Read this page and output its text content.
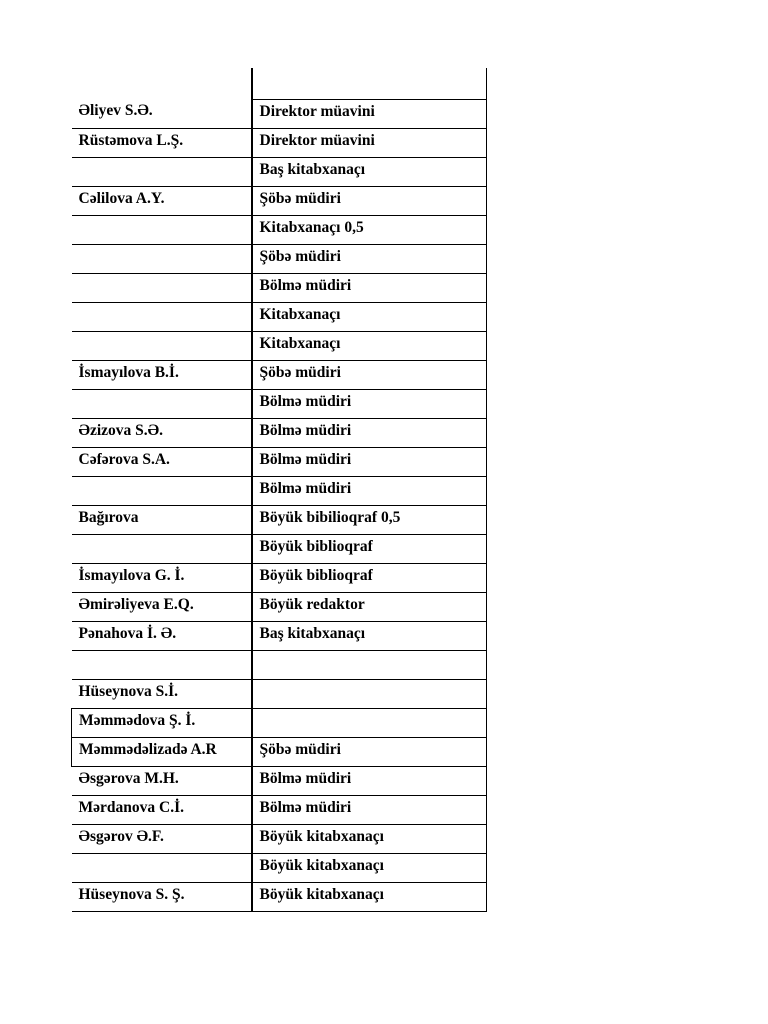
Əliyev S.Ə.	Direktor müavini
Rüstəmova L.Ş.	Direktor müavini
	Baş kitabxanaçı
Cəlilova A.Y.	Şöbə müdiri
	Kitabxanaçı 0,5
	Şöbə müdiri
	Bölmə müdiri
	Kitabxanaçı
	Kitabxanaçı
İsmayılova B.İ.	Şöbə müdiri
	Bölmə müdiri
Əzizova S.Ə.	Bölmə müdiri
Cəfərova S.A.	Bölmə müdiri
	Bölmə müdiri
Bağırova	Böyük bibilioqraf 0,5
	Böyük biblioqraf
İsmayılova G. İ.	Böyük biblioqraf
Əmirəliyeva E.Q.	Böyük redaktor
Pənahova İ. Ə.	Baş kitabxanaçı

Hüseynova S.İ.	
Məmmədova Ş. İ.	
Məmmədəlizadə A.R	Şöbə müdiri
Əsgərova M.H.	Bölmə müdiri
Mərdanova C.İ.	Bölmə müdiri
Əsgərov Ə.F.	Böyük kitabxanaçı
	Böyük kitabxanaçı
Hüseynova S. Ş.	Böyük kitabxanaçı
